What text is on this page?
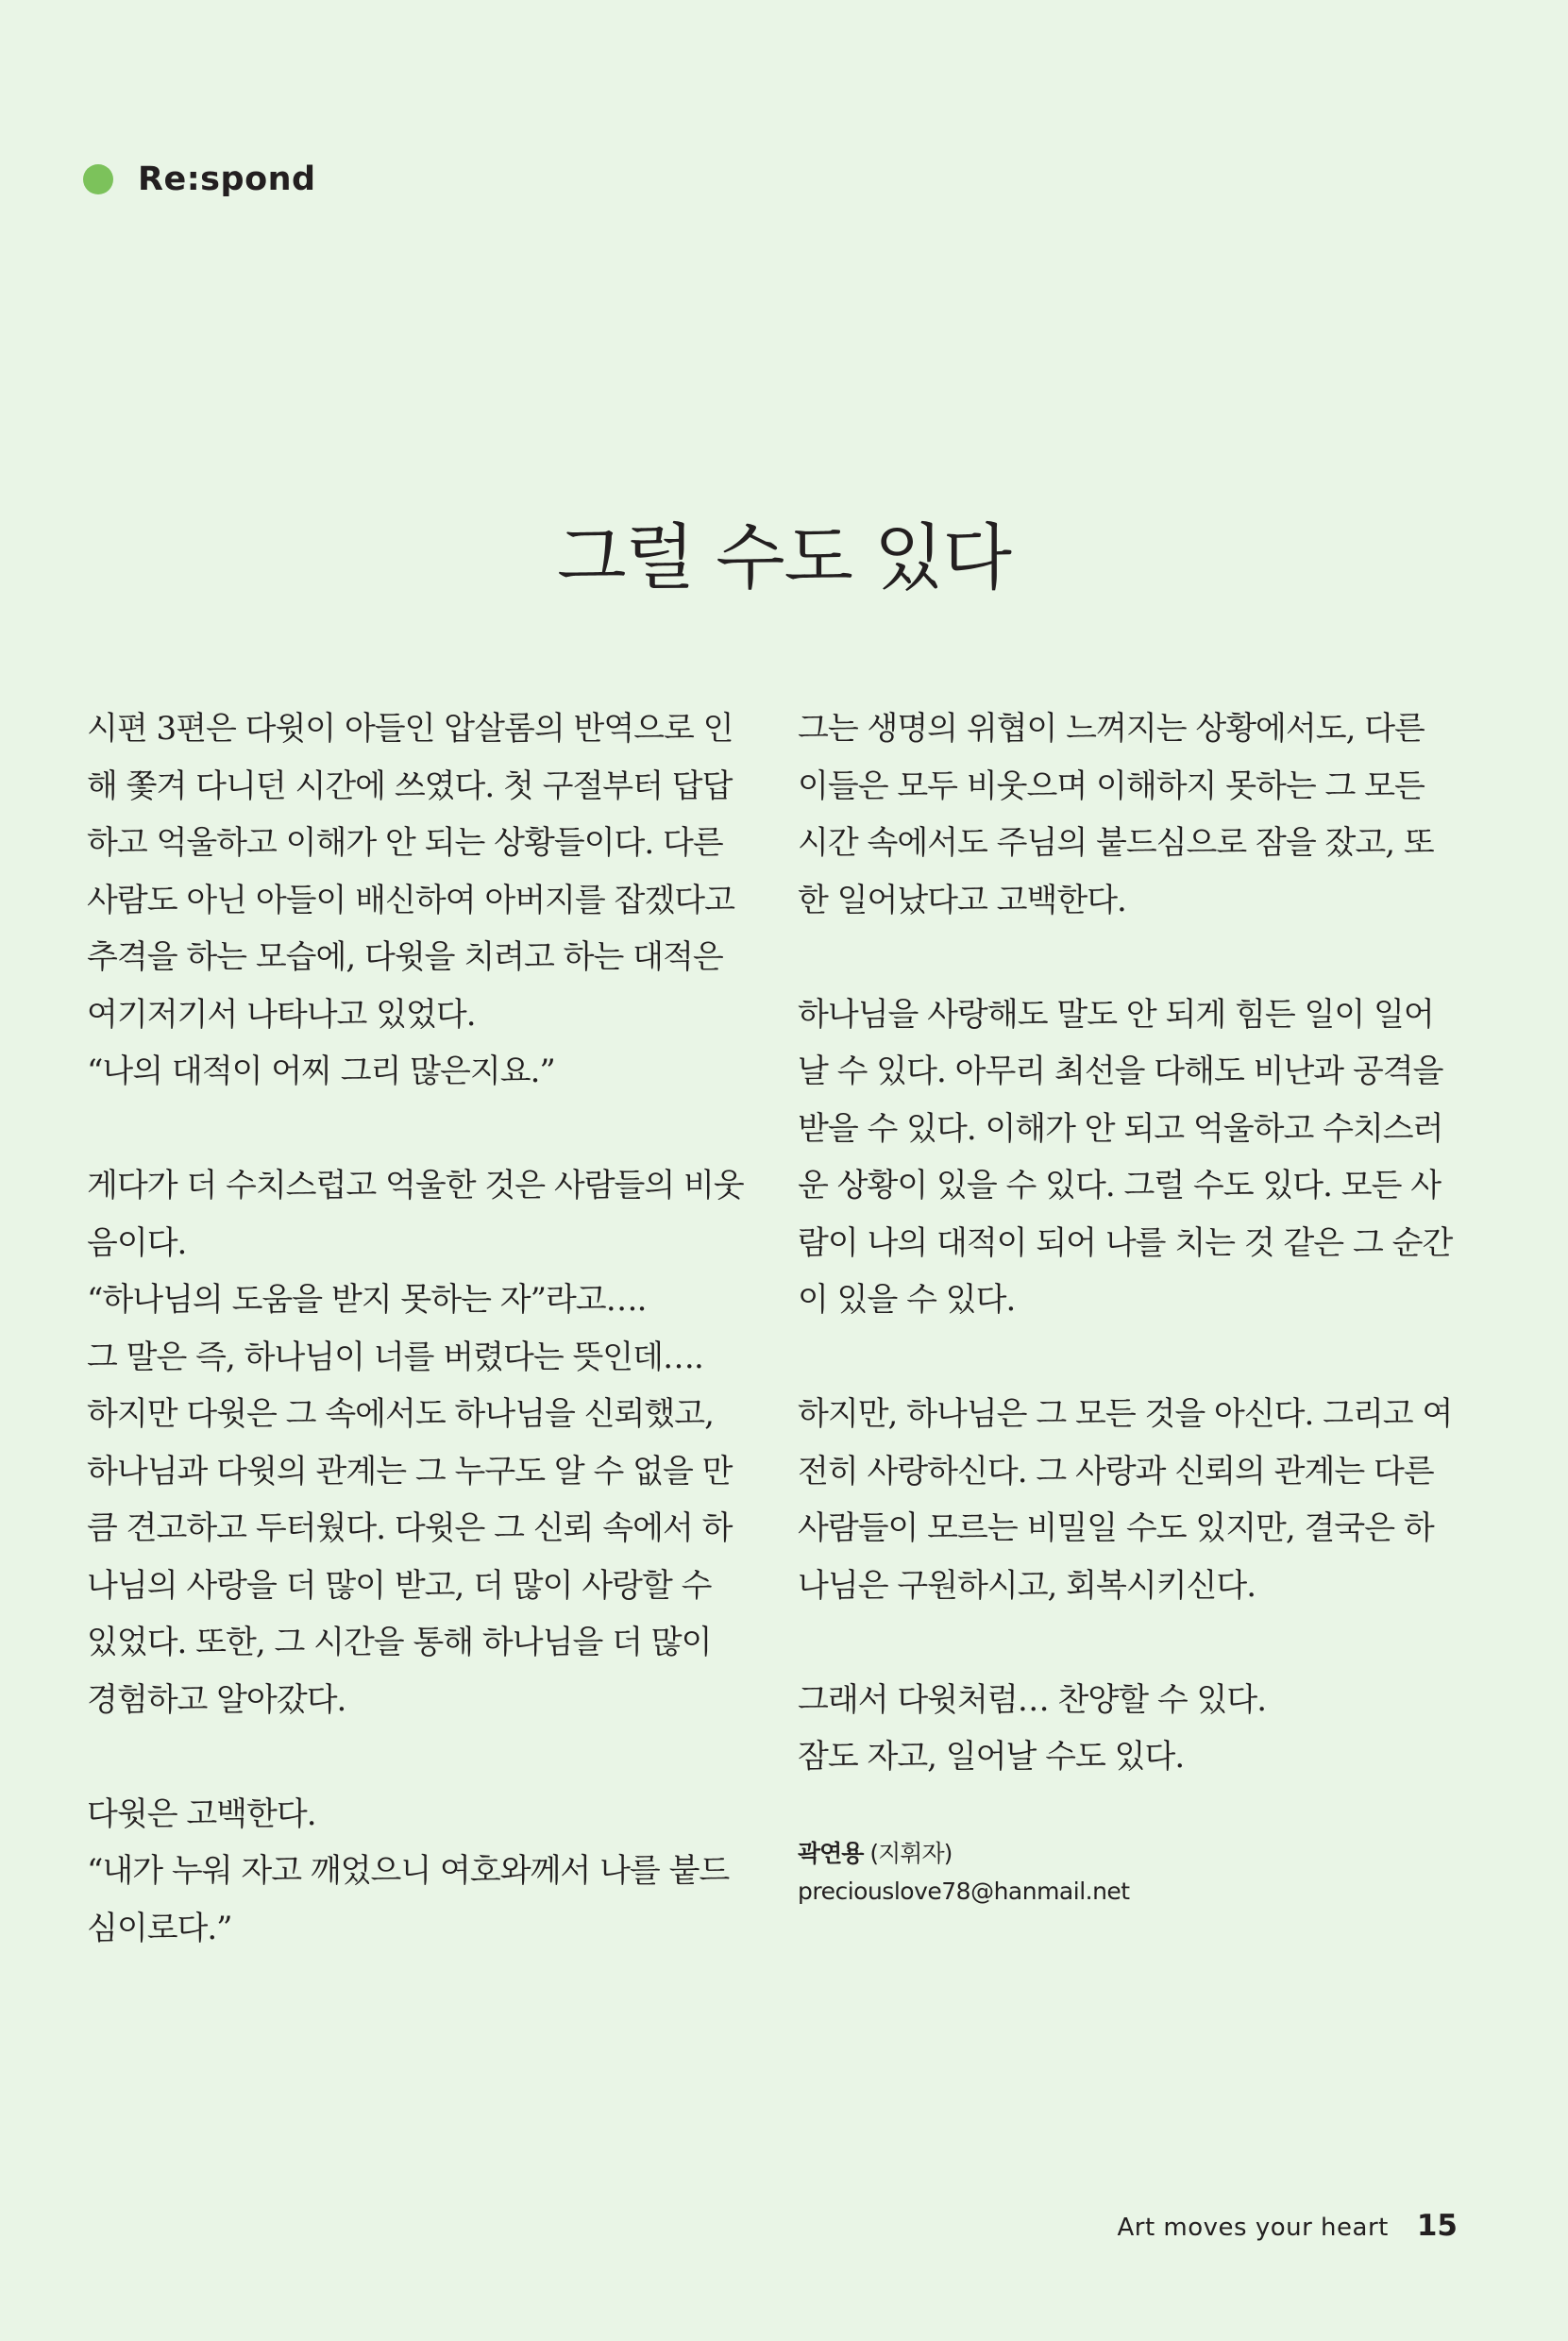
Re:spond
그럴 수도 있다

시편 3편은 다윗이 아들인 압살롬의 반역으로 인
해 쫓겨 다니던 시간에 쓰였다. 첫 구절부터 답답
하고 억울하고 이해가 안 되는 상황들이다. 다른
사람도 아닌 아들이 배신하여 아버지를 잡겠다고
추격을 하는 모습에, 다윗을 치려고 하는 대적은
여기저기서 나타나고 있었다.
“나의 대적이 어찌 그리 많은지요.”

게다가 더 수치스럽고 억울한 것은 사람들의 비웃
음이다.
“하나님의 도움을 받지 못하는 자”라고….
그 말은 즉, 하나님이 너를 버렸다는 뜻인데….
하지만 다윗은 그 속에서도 하나님을 신뢰했고,
하나님과 다윗의 관계는 그 누구도 알 수 없을 만
큼 견고하고 두터웠다. 다윗은 그 신뢰 속에서 하
나님의 사랑을 더 많이 받고, 더 많이 사랑할 수
있었다. 또한, 그 시간을 통해 하나님을 더 많이
경험하고 알아갔다.

다윗은 고백한다.
“내가 누워 자고 깨었으니 여호와께서 나를 붙드
심이로다.”

그는 생명의 위협이 느껴지는 상황에서도, 다른
이들은 모두 비웃으며 이해하지 못하는 그 모든
시간 속에서도 주님의 붙드심으로 잠을 잤고, 또
한 일어났다고 고백한다.

하나님을 사랑해도 말도 안 되게 힘든 일이 일어
날 수 있다. 아무리 최선을 다해도 비난과 공격을
받을 수 있다. 이해가 안 되고 억울하고 수치스러
운 상황이 있을 수 있다. 그럴 수도 있다. 모든 사
람이 나의 대적이 되어 나를 치는 것 같은 그 순간
이 있을 수 있다.

하지만, 하나님은 그 모든 것을 아신다. 그리고 여
전히 사랑하신다. 그 사랑과 신뢰의 관계는 다른
사람들이 모르는 비밀일 수도 있지만, 결국은 하
나님은 구원하시고, 회복시키신다.

그래서 다윗처럼… 찬양할 수 있다.
잠도 자고, 일어날 수도 있다.

곽연용 (지휘자)
preciouslove78@hanmail.net
Art moves your heart 15
